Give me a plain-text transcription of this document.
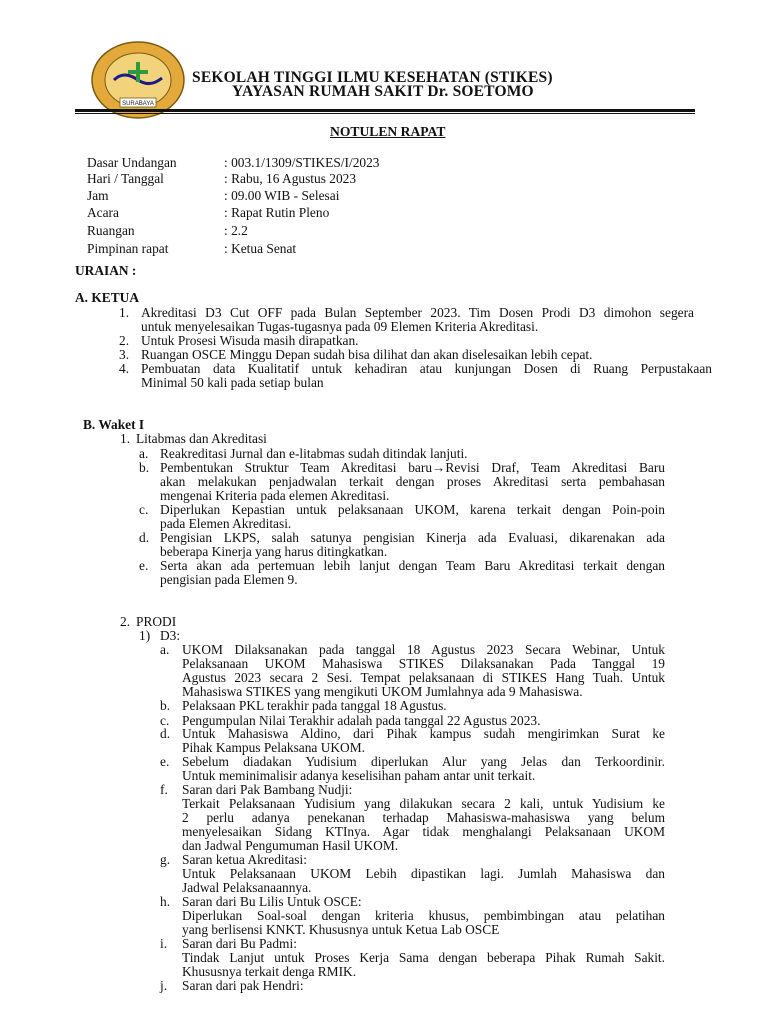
SURABAYA
SEKOLAH TINGGI ILMU KESEHATAN (STIKES)
YAYASAN RUMAH SAKIT Dr. SOETOMO
NOTULEN RAPAT
Dasar Undangan	: 003.1/1309/STIKES/I/2023
Hari / Tanggal	: Rabu, 16 Agustus 2023
Jam	: 09.00 WIB - Selesai
Acara	: Rapat Rutin Pleno
Ruangan	: 2.2
Pimpinan rapat	: Ketua Senat
URAIAN :
A. KETUA
1. Akreditasi D3 Cut OFF pada Bulan September 2023. Tim Dosen Prodi D3 dimohon segera
untuk menyelesaikan Tugas-tugasnya pada 09 Elemen Kriteria Akreditasi.
2. Untuk Prosesi Wisuda masih dirapatkan.
3. Ruangan OSCE Minggu Depan sudah bisa dilihat dan akan diselesaikan lebih cepat.
4. Pembuatan data Kualitatif untuk kehadiran atau kunjungan Dosen di Ruang Perpustakaan
Minimal 50 kali pada setiap bulan
B. Waket I
1. Litabmas dan Akreditasi
a. Reakreditasi Jurnal dan e-litabmas sudah ditindak lanjuti.
b. Pembentukan Struktur Team Akreditasi baru→Revisi Draf, Team Akreditasi Baru
akan melakukan penjadwalan terkait dengan proses Akreditasi serta pembahasan
mengenai Kriteria pada elemen Akreditasi.
c. Diperlukan Kepastian untuk pelaksanaan UKOM, karena terkait dengan Poin-poin
pada Elemen Akreditasi.
d. Pengisian LKPS, salah satunya pengisian Kinerja ada Evaluasi, dikarenakan ada
beberapa Kinerja yang harus ditingkatkan.
e. Serta akan ada pertemuan lebih lanjut dengan Team Baru Akreditasi terkait dengan
pengisian pada Elemen 9.
2. PRODI
1) D3:
a. UKOM Dilaksanakan pada tanggal 18 Agustus 2023 Secara Webinar, Untuk
Pelaksanaan UKOM Mahasiswa STIKES Dilaksanakan Pada Tanggal 19
Agustus 2023 secara 2 Sesi. Tempat pelaksanaan di STIKES Hang Tuah. Untuk
Mahasiswa STIKES yang mengikuti UKOM Jumlahnya ada 9 Mahasiswa.
b. Pelaksaan PKL terakhir pada tanggal 18 Agustus.
c. Pengumpulan Nilai Terakhir adalah pada tanggal 22 Agustus 2023.
d. Untuk Mahasiswa Aldino, dari Pihak kampus sudah mengirimkan Surat ke
Pihak Kampus Pelaksana UKOM.
e. Sebelum diadakan Yudisium diperlukan Alur yang Jelas dan Terkoordinir.
Untuk meminimalisir adanya keselisihan paham antar unit terkait.
f. Saran dari Pak Bambang Nudji:
Terkait Pelaksanaan Yudisium yang dilakukan secara 2 kali, untuk Yudisium ke
2 perlu adanya penekanan terhadap Mahasiswa-mahasiswa yang belum
menyelesaikan Sidang KTInya. Agar tidak menghalangi Pelaksanaan UKOM
dan Jadwal Pengumuman Hasil UKOM.
g. Saran ketua Akreditasi:
Untuk Pelaksanaan UKOM Lebih dipastikan lagi. Jumlah Mahasiswa dan
Jadwal Pelaksanaannya.
h. Saran dari Bu Lilis Untuk OSCE:
Diperlukan Soal-soal dengan kriteria khusus, pembimbingan atau pelatihan
yang berlisensi KNKT. Khususnya untuk Ketua Lab OSCE
i. Saran dari Bu Padmi:
Tindak Lanjut untuk Proses Kerja Sama dengan beberapa Pihak Rumah Sakit.
Khususnya terkait denga RMIK.
j. Saran dari pak Hendri:
